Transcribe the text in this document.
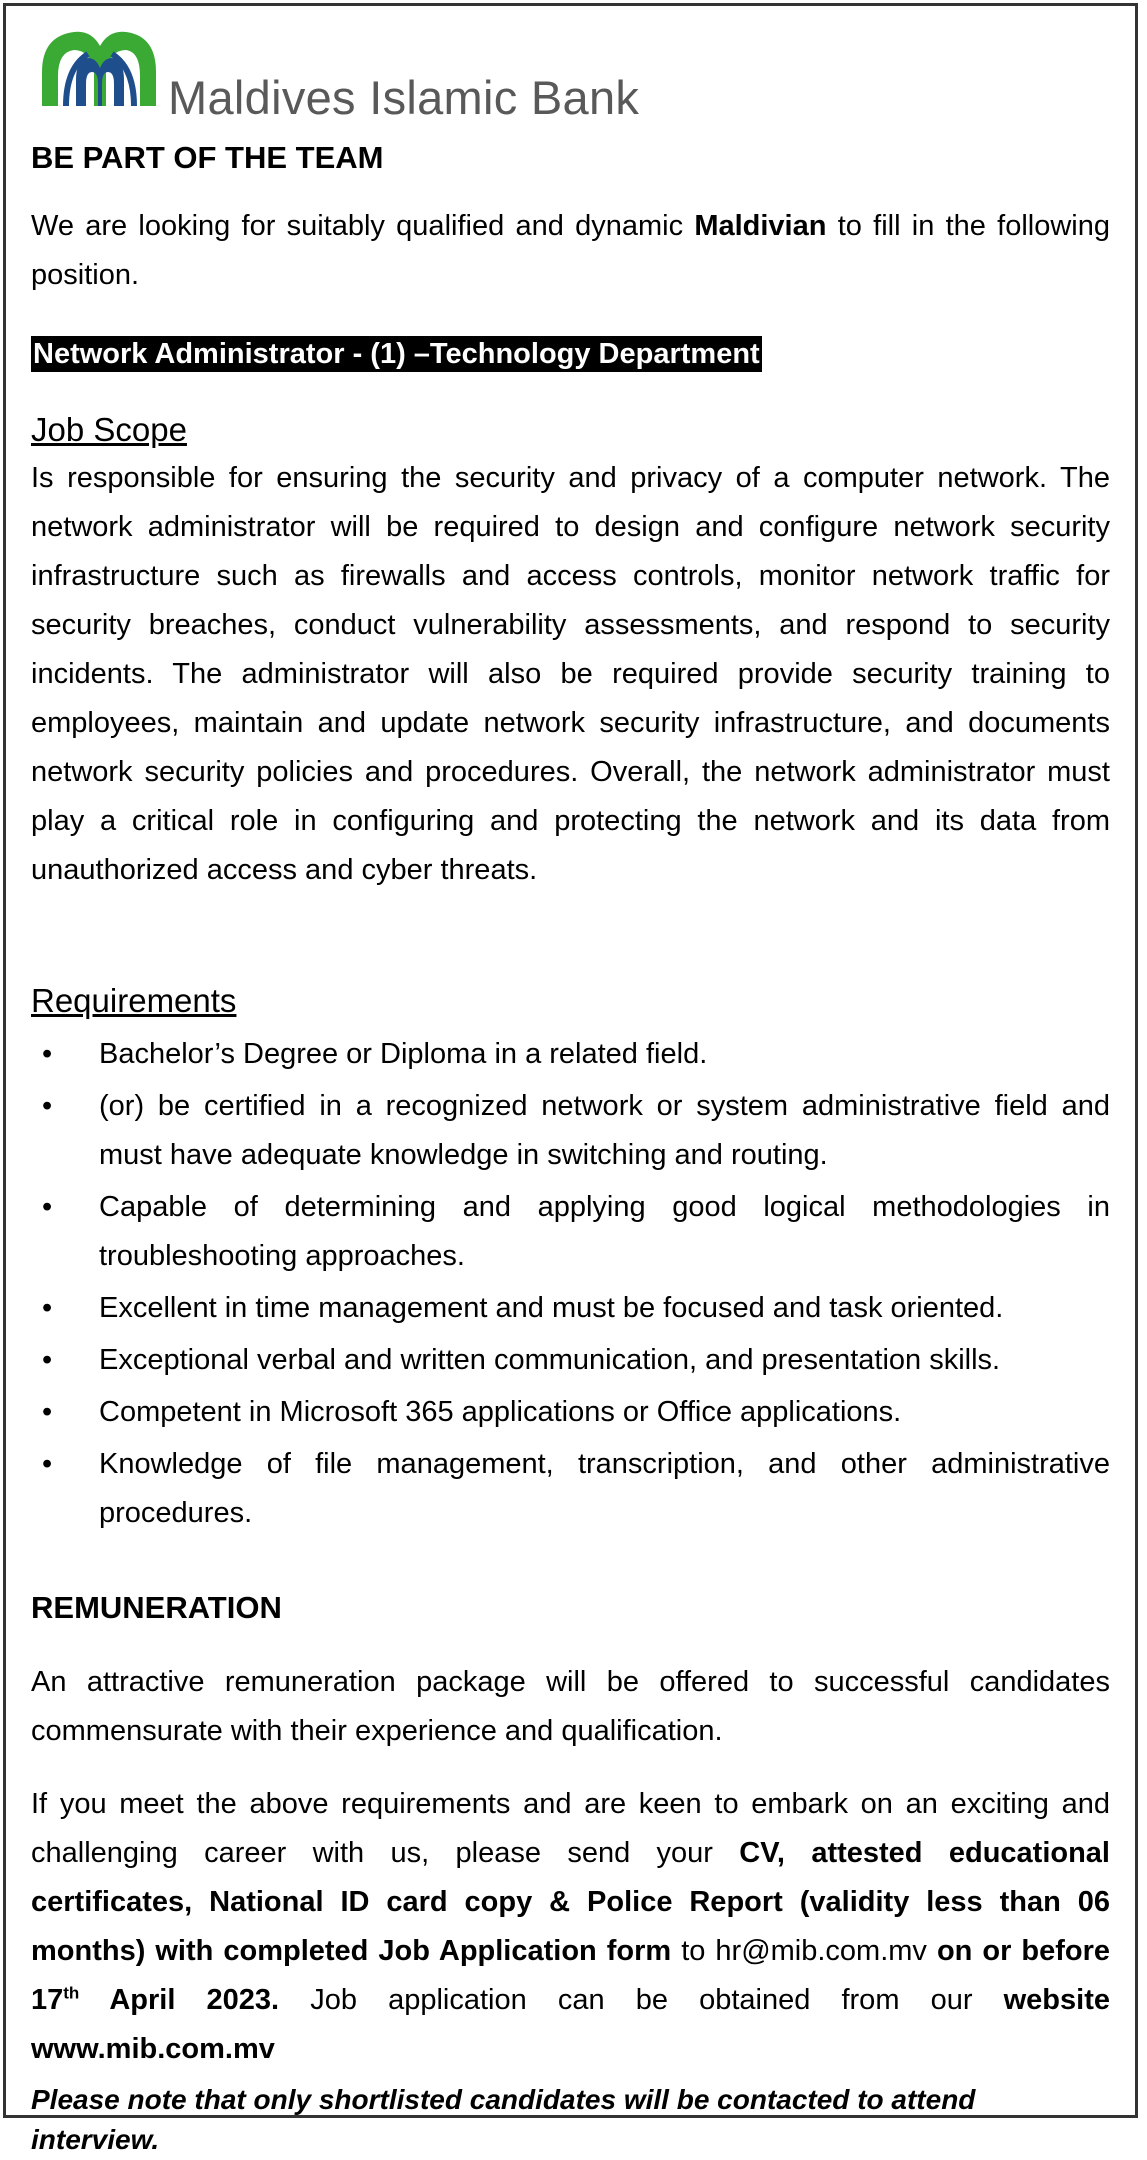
Maldives Islamic Bank
BE PART OF THE TEAM

We are looking for suitably qualified and dynamic Maldivian to fill in the following position.

Network Administrator - (1) –Technology Department
Job Scope

Is responsible for ensuring the security and privacy of a computer network. The network administrator will be required to design and configure network security infrastructure such as firewalls and access controls, monitor network traffic for security breaches, conduct vulnerability assessments, and respond to security incidents. The administrator will also be required provide security training to employees, maintain and update network security infrastructure, and documents network security policies and procedures. Overall, the network administrator must play a critical role in configuring and protecting the network and its data from unauthorized access and cyber threats.

Requirements
• Bachelor’s Degree or Diploma in a related field.
• (or) be certified in a recognized network or system administrative field and must have adequate knowledge in switching and routing.
• Capable of determining and applying good logical methodologies in troubleshooting approaches.
• Excellent in time management and must be focused and task oriented.
• Exceptional verbal and written communication, and presentation skills.
• Competent in Microsoft 365 applications or Office applications.
• Knowledge of file management, transcription, and other administrative procedures.
REMUNERATION

An attractive remuneration package will be offered to successful candidates commensurate with their experience and qualification.

If you meet the above requirements and are keen to embark on an exciting and challenging career with us, please send your CV, attested educational certificates, National ID card copy & Police Report (validity less than 06 months) with completed Job Application form to hr@mib.com.mv on or before 17th April 2023. Job application can be obtained from our website www.mib.com.mv

Please note that only shortlisted candidates will be contacted to attend interview.
